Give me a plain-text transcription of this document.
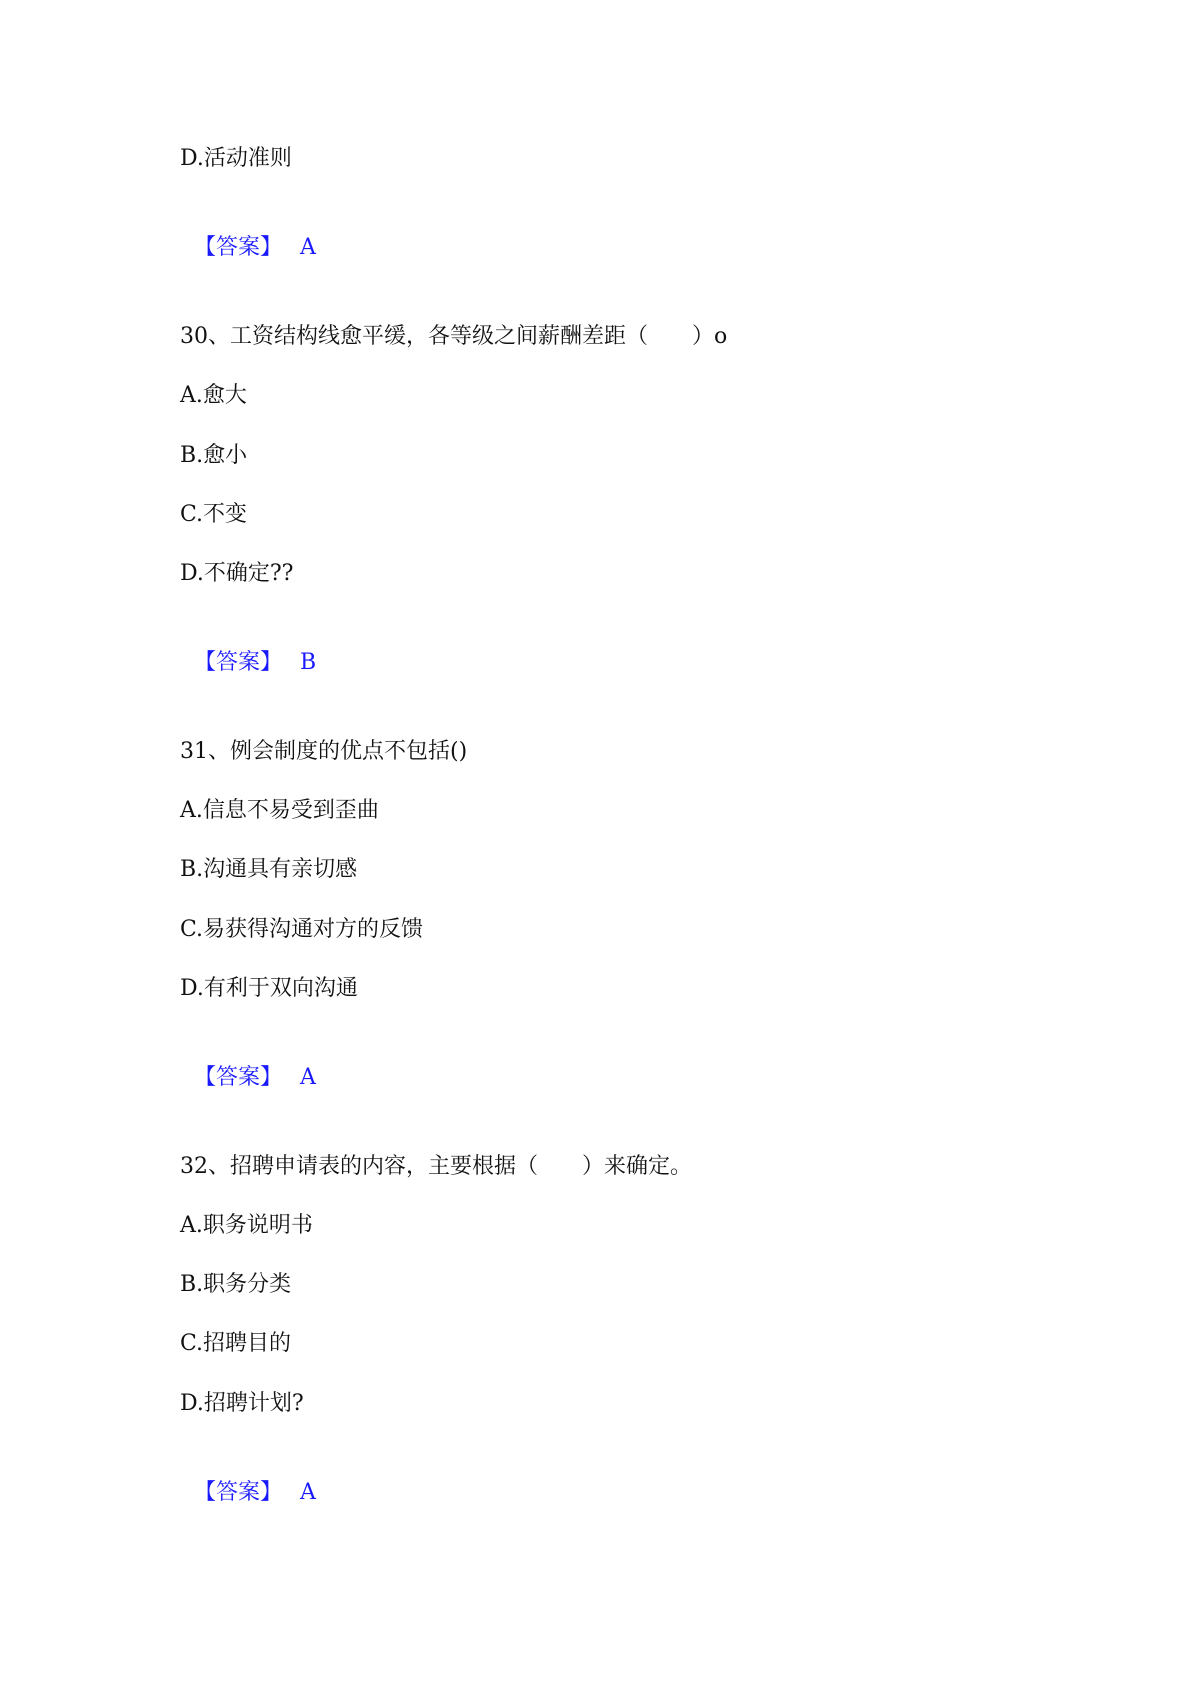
D.活动准则

【答案】 A

30、工资结构线愈平缓，各等级之间薪酬差距（　　）o
A.愈大
B.愈小
C.不变
D.不确定??

【答案】 B

31、例会制度的优点不包括()
A.信息不易受到歪曲
B.沟通具有亲切感
C.易获得沟通对方的反馈
D.有利于双向沟通

【答案】 A

32、招聘申请表的内容，主要根据（　　）来确定。
A.职务说明书
B.职务分类
C.招聘目的
D.招聘计划?

【答案】 A
